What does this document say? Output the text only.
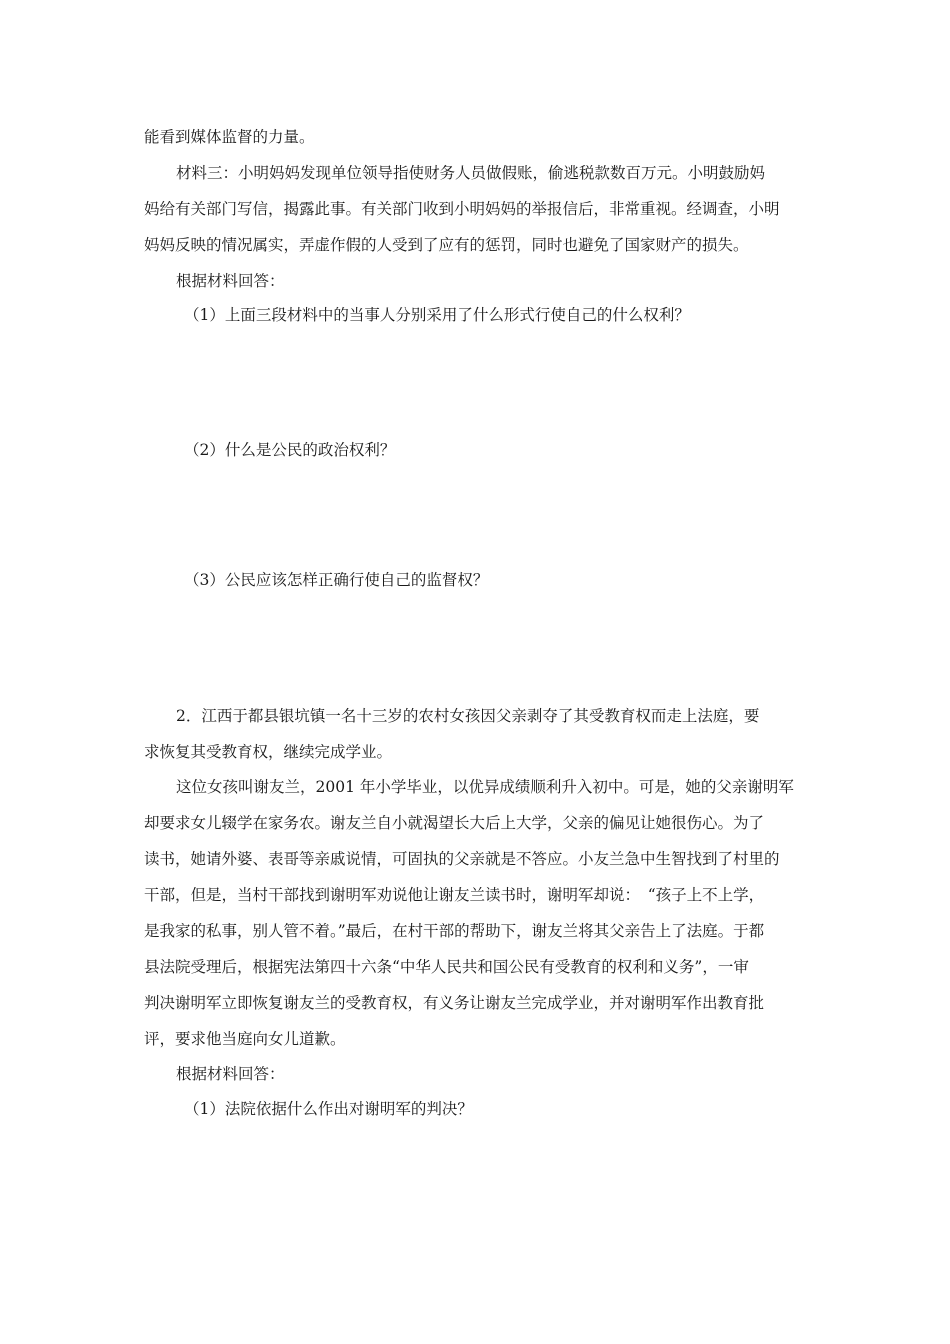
能看到媒体监督的力量。
材料三：小明妈妈发现单位领导指使财务人员做假账，偷逃税款数百万元。小明鼓励妈
妈给有关部门写信，揭露此事。有关部门收到小明妈妈的举报信后，非常重视。经调查，小明
妈妈反映的情况属实，弄虚作假的人受到了应有的惩罚，同时也避免了国家财产的损失。
根据材料回答：
（1）上面三段材料中的当事人分别采用了什么形式行使自己的什么权利？
（2）什么是公民的政治权利？
（3）公民应该怎样正确行使自己的监督权？
2．江西于都县银坑镇一名十三岁的农村女孩因父亲剥夺了其受教育权而走上法庭，要
求恢复其受教育权，继续完成学业。
这位女孩叫谢友兰，2001 年小学毕业，以优异成绩顺利升入初中。可是，她的父亲谢明军
却要求女儿辍学在家务农。谢友兰自小就渴望长大后上大学，父亲的偏见让她很伤心。为了
读书，她请外婆、表哥等亲戚说情，可固执的父亲就是不答应。小友兰急中生智找到了村里的
干部，但是，当村干部找到谢明军劝说他让谢友兰读书时，谢明军却说：　“孩子上不上学，
是我家的私事，别人管不着。”最后，在村干部的帮助下，谢友兰将其父亲告上了法庭。于都
县法院受理后，根据宪法第四十六条“中华人民共和国公民有受教育的权利和义务”，一审
判决谢明军立即恢复谢友兰的受教育权，有义务让谢友兰完成学业，并对谢明军作出教育批
评，要求他当庭向女儿道歉。
根据材料回答：
（1）法院依据什么作出对谢明军的判决？
